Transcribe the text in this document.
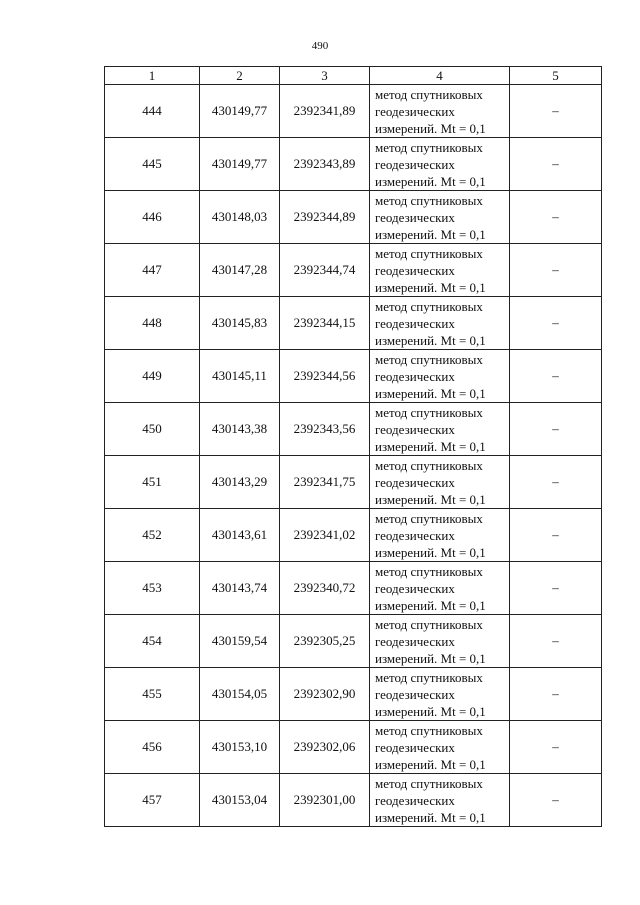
490
1	2	3	4	5
444	430149,77	2392341,89	метод спутниковых
геодезических
измерений. Mt = 0,1	–
445	430149,77	2392343,89	метод спутниковых
геодезических
измерений. Mt = 0,1	–
446	430148,03	2392344,89	метод спутниковых
геодезических
измерений. Mt = 0,1	–
447	430147,28	2392344,74	метод спутниковых
геодезических
измерений. Mt = 0,1	–
448	430145,83	2392344,15	метод спутниковых
геодезических
измерений. Mt = 0,1	–
449	430145,11	2392344,56	метод спутниковых
геодезических
измерений. Mt = 0,1	–
450	430143,38	2392343,56	метод спутниковых
геодезических
измерений. Mt = 0,1	–
451	430143,29	2392341,75	метод спутниковых
геодезических
измерений. Mt = 0,1	–
452	430143,61	2392341,02	метод спутниковых
геодезических
измерений. Mt = 0,1	–
453	430143,74	2392340,72	метод спутниковых
геодезических
измерений. Mt = 0,1	–
454	430159,54	2392305,25	метод спутниковых
геодезических
измерений. Mt = 0,1	–
455	430154,05	2392302,90	метод спутниковых
геодезических
измерений. Mt = 0,1	–
456	430153,10	2392302,06	метод спутниковых
геодезических
измерений. Mt = 0,1	–
457	430153,04	2392301,00	метод спутниковых
геодезических
измерений. Mt = 0,1	–
